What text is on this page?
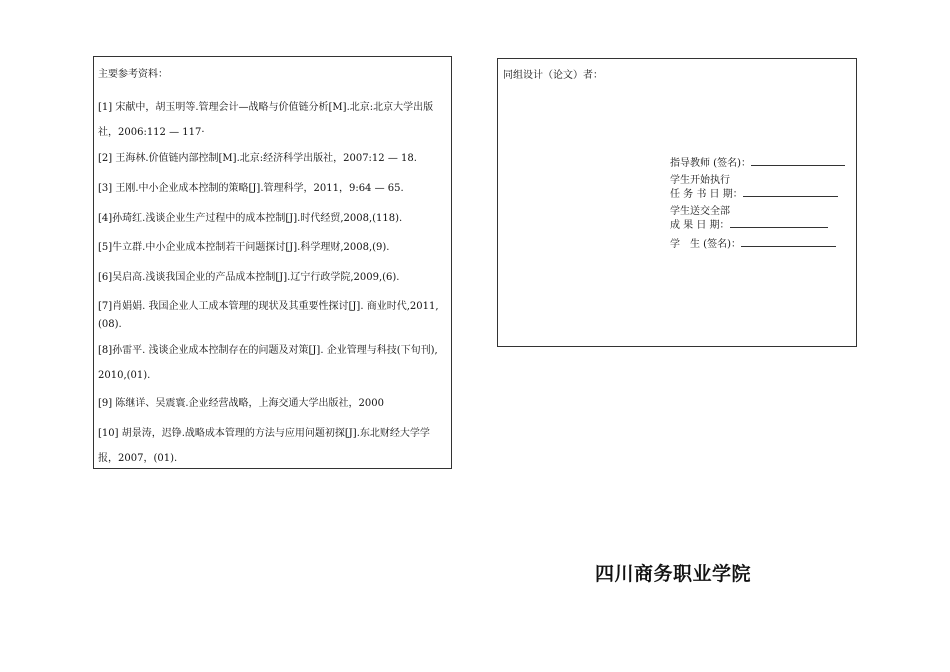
主要参考资料：
[1] 宋献中，胡玉明等.管理会计—战略与价值链分析[M].北京:北京大学出版社，2006:112 — 117·
[2] 王海林.价值链内部控制[M].北京:经济科学出版社，2007:12 — 18.
[3] 王刚.中小企业成本控制的策略[J].管理科学，2011，9:64 — 65.
[4]孙琦红.浅谈企业生产过程中的成本控制[J].时代经贸,2008,(118).
[5]牛立群.中小企业成本控制若干问题探讨[J].科学理财,2008,(9).
[6]吴启高.浅谈我国企业的产品成本控制[J].辽宁行政学院,2009,(6).
[7]肖娟娟. 我国企业人工成本管理的现状及其重要性探讨[J]. 商业时代,2011,(08).
[8]孙雷平. 浅谈企业成本控制存在的问题及对策[J]. 企业管理与科技(下旬刊), 2010,(01).
[9] 陈继详、吴震寰.企业经营战略，上海交通大学出版社，2000
[10] 胡景涛，迟铮.战略成本管理的方法与应用问题初探[J].东北财经大学学报，2007，(01).
同组设计（论文）者：
指导教师 (签名)：
学生开始执行
任 务 书 日 期：
学生送交全部
成 果 日 期：
学　生 (签名)：
四川商务职业学院
